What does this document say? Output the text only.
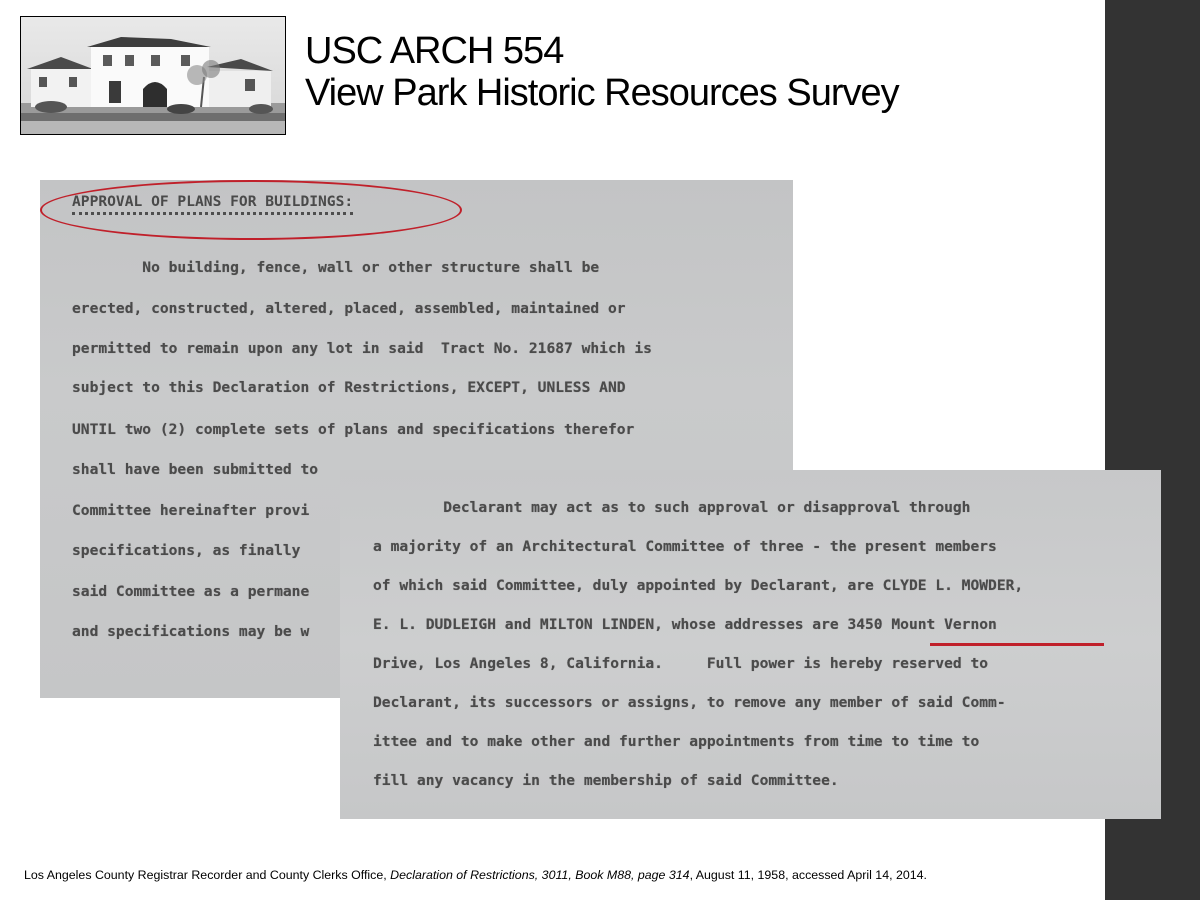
USC ARCH 554
View Park Historic Resources Survey
APPROVAL OF PLANS FOR BUILDINGS:
No building, fence, wall or other structure shall be
erected, constructed, altered, placed, assembled, maintained or
permitted to remain upon any lot in said  Tract No. 21687 which is
subject to this Declaration of Restrictions, EXCEPT, UNLESS AND
UNTIL two (2) complete sets of plans and specifications therefor
shall have been submitted to
Committee hereinafter provi
specifications, as finally
said Committee as a permane
and specifications may be w
Declarant may act as to such approval or disapproval through
a majority of an Architectural Committee of three - the present members
of which said Committee, duly appointed by Declarant, are CLYDE L. MOWDER,
E. L. DUDLEIGH and MILTON LINDEN, whose addresses are 3450 Mount Vernon
Drive, Los Angeles 8, California.     Full power is hereby reserved to
Declarant, its successors or assigns, to remove any member of said Comm-
ittee and to make other and further appointments from time to time to
fill any vacancy in the membership of said Committee.
Los Angeles County Registrar Recorder and County Clerks Office, Declaration of Restrictions, 3011, Book M88, page 314, August 11, 1958, accessed April 14, 2014.
